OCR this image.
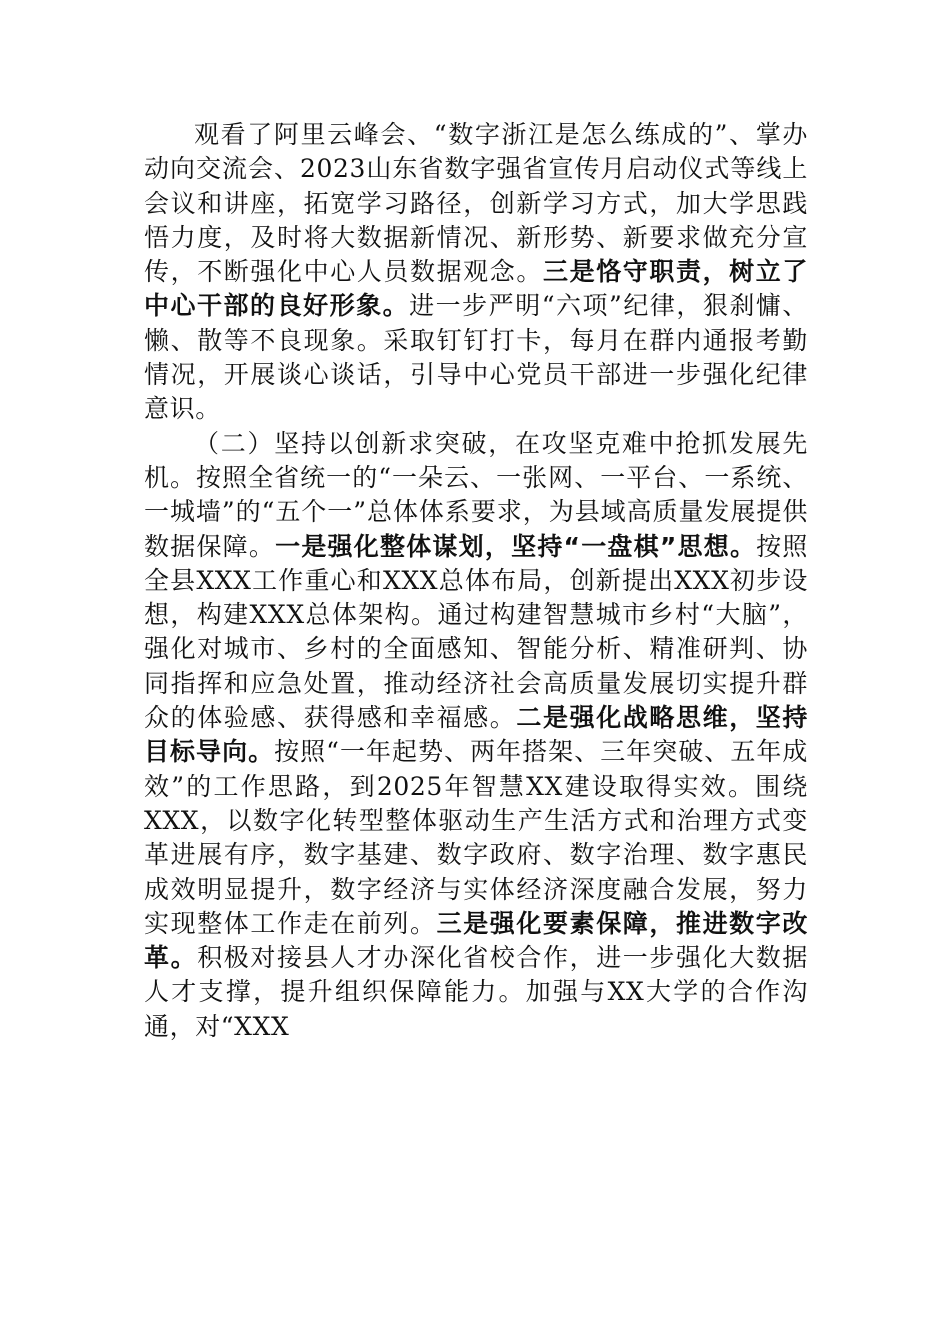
观看了阿里云峰会、“数字浙江是怎么练成的”、掌办动向交流会、2023山东省数字强省宣传月启动仪式等线上会议和讲座，拓宽学习路径，创新学习方式，加大学思践悟力度，及时将大数据新情况、新形势、新要求做充分宣传，不断强化中心人员数据观念。三是恪守职责，树立了中心干部的良好形象。进一步严明“六项”纪律，狠刹慵、懒、散等不良现象。采取钉钉打卡，每月在群内通报考勤情况，开展谈心谈话，引导中心党员干部进一步强化纪律意识。

（二）坚持以创新求突破，在攻坚克难中抢抓发展先机。按照全省统一的“一朵云、一张网、一平台、一系统、一城墙”的“五个一”总体体系要求，为县域高质量发展提供数据保障。一是强化整体谋划，坚持“一盘棋”思想。按照全县XXX工作重心和XXX总体布局，创新提出XXX初步设想，构建XXX总体架构。通过构建智慧城市乡村“大脑”，强化对城市、乡村的全面感知、智能分析、精准研判、协同指挥和应急处置，推动经济社会高质量发展切实提升群众的体验感、获得感和幸福感。二是强化战略思维，坚持目标导向。按照“一年起势、两年搭架、三年突破、五年成效”的工作思路，到2025年智慧XX建设取得实效。围绕XXX，以数字化转型整体驱动生产生活方式和治理方式变革进展有序，数字基建、数字政府、数字治理、数字惠民成效明显提升，数字经济与实体经济深度融合发展，努力实现整体工作走在前列。三是强化要素保障，推进数字改革。积极对接县人才办深化省校合作，进一步强化大数据人才支撑，提升组织保障能力。加强与XX大学的合作沟通，对“XXX
